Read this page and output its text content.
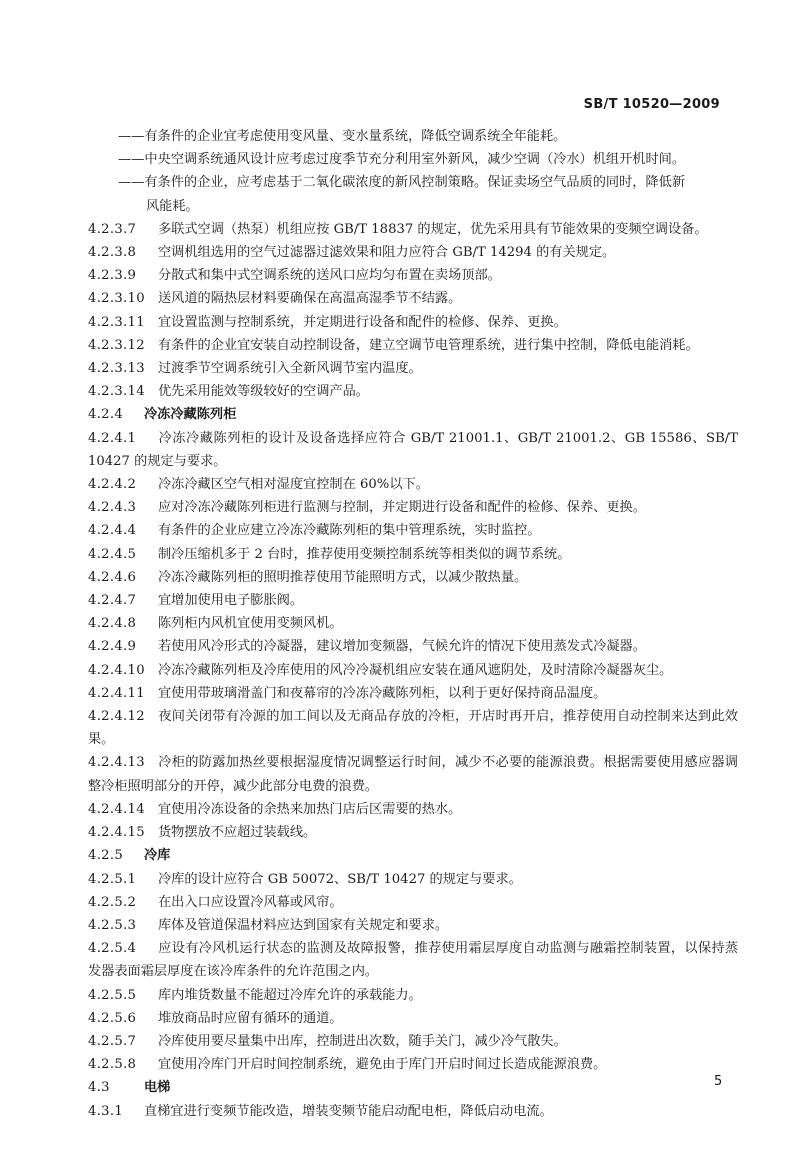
SB/T 10520—2009
——有条件的企业宜考虑使用变风量、变水量系统，降低空调系统全年能耗。
——中央空调系统通风设计应考虑过度季节充分利用室外新风，减少空调（冷水）机组开机时间。
——有条件的企业，应考虑基于二氧化碳浓度的新风控制策略。保证卖场空气品质的同时，降低新
风能耗。
4.2.3.7 多联式空调（热泵）机组应按 GB/T 18837 的规定，优先采用具有节能效果的变频空调设备。
4.2.3.8 空调机组选用的空气过滤器过滤效果和阻力应符合 GB/T 14294 的有关规定。
4.2.3.9 分散式和集中式空调系统的送风口应均匀布置在卖场顶部。
4.2.3.10 送风道的隔热层材料要确保在高温高湿季节不结露。
4.2.3.11 宜设置监测与控制系统，并定期进行设备和配件的检修、保养、更换。
4.2.3.12 有条件的企业宜安装自动控制设备，建立空调节电管理系统，进行集中控制，降低电能消耗。
4.2.3.13 过渡季节空调系统引入全新风调节室内温度。
4.2.3.14 优先采用能效等级较好的空调产品。
4.2.4 冷冻冷藏陈列柜
4.2.4.1 冷冻冷藏陈列柜的设计及设备选择应符合 GB/T 21001.1、GB/T 21001.2、GB 15586、SB/T 10427 的规定与要求。
4.2.4.2 冷冻冷藏区空气相对湿度宜控制在 60%以下。
4.2.4.3 应对冷冻冷藏陈列柜进行监测与控制，并定期进行设备和配件的检修、保养、更换。
4.2.4.4 有条件的企业应建立冷冻冷藏陈列柜的集中管理系统，实时监控。
4.2.4.5 制冷压缩机多于 2 台时，推荐使用变频控制系统等相类似的调节系统。
4.2.4.6 冷冻冷藏陈列柜的照明推荐使用节能照明方式，以减少散热量。
4.2.4.7 宜增加使用电子膨胀阀。
4.2.4.8 陈列柜内风机宜使用变频风机。
4.2.4.9 若使用风冷形式的冷凝器，建议增加变频器，气候允许的情况下使用蒸发式冷凝器。
4.2.4.10 冷冻冷藏陈列柜及冷库使用的风冷冷凝机组应安装在通风遮阴处，及时清除冷凝器灰尘。
4.2.4.11 宜使用带玻璃滑盖门和夜幕帘的冷冻冷藏陈列柜，以利于更好保持商品温度。
4.2.4.12 夜间关闭带有冷源的加工间以及无商品存放的冷柜，开店时再开启，推荐使用自动控制来达到此效果。
4.2.4.13 冷柜的防露加热丝要根据湿度情况调整运行时间，减少不必要的能源浪费。根据需要使用感应器调整冷柜照明部分的开停，减少此部分电费的浪费。
4.2.4.14 宜使用冷冻设备的余热来加热门店后区需要的热水。
4.2.4.15 货物摆放不应超过装载线。
4.2.5 冷库
4.2.5.1 冷库的设计应符合 GB 50072、SB/T 10427 的规定与要求。
4.2.5.2 在出入口应设置冷风幕或风帘。
4.2.5.3 库体及管道保温材料应达到国家有关规定和要求。
4.2.5.4 应设有冷风机运行状态的监测及故障报警，推荐使用霜层厚度自动监测与融霜控制装置，以保持蒸发器表面霜层厚度在该冷库条件的允许范围之内。
4.2.5.5 库内堆货数量不能超过冷库允许的承载能力。
4.2.5.6 堆放商品时应留有循环的通道。
4.2.5.7 冷库使用要尽量集中出库，控制进出次数，随手关门，减少冷气散失。
4.2.5.8 宜使用冷库门开启时间控制系统，避免由于库门开启时间过长造成能源浪费。
4.3	电梯
4.3.1 直梯宜进行变频节能改造，增装变频节能启动配电柜，降低启动电流。
5
